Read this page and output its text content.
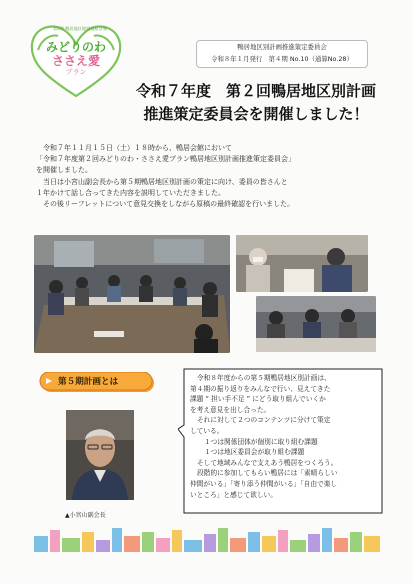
第4期 鴨居地区地域福祉計画
みどりのわ
ささえ愛
プラン
鴨居地区別計画推進策定委員会
令和８年１月発行　第４期 No.10（通算No.28）
令和７年度　第２回鴨居地区別計画
推進策定委員会を開催しました！

令和７年１１月１５日（土）１８時から、鴨居会館において

「令和７年度第２回みどりのわ・ささえ愛プラン鴨居地区別計画推進策定委員会」

を開催しました。

当日は小宮山副会長から第５期鴨居地区別計画の策定に向け、委員の皆さんと

１年かけて話し合ってきた内容を説明していただきました。

その後リーフレットについて意見交換をしながら原稿の最終確認を行いました。

第５期計画とは
▲小宮山副会長

令和８年度からの第５期鴨居地区別計画は、

第４期の振り返りをみんなで行い、見えてきた

課題 “ 担い手不足 ” にどう取り組んでいくか

を考え意見を出し合った。

それに対して２つのコンテンツに分けて策定

している。

１つは関係団体が個別に取り組む課題

１つは地区委員会が取り組む課題

そして地域みんなで支えあう鴨居をつくろう。

段階的に参加してもらい鴨居には「素晴らしい

仲間がいる」「寄り添う仲間がいる」「自由で楽し

いところ」と感じて欲しい。
